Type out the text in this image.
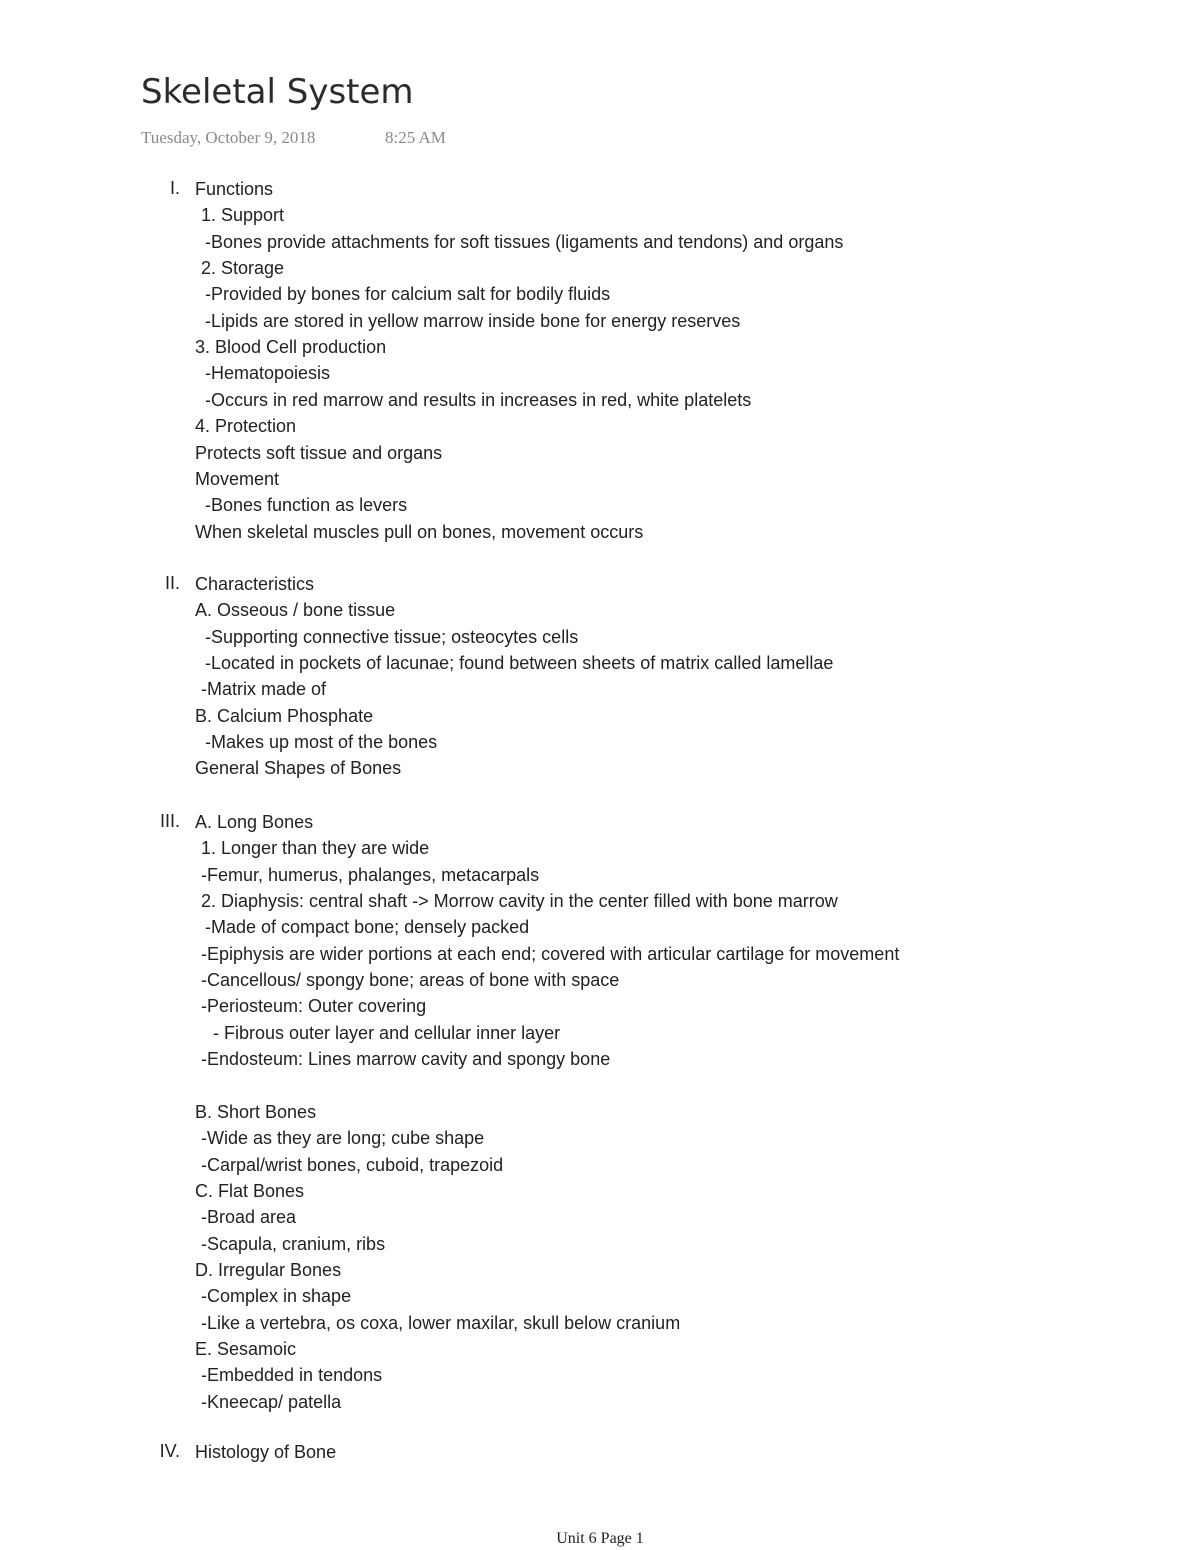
Skeletal System
Tuesday, October 9, 2018	8:25 AM
I. Functions
1. Support
-Bones provide attachments for soft tissues (ligaments and tendons) and organs
2. Storage
-Provided by bones for calcium salt for bodily fluids
-Lipids are stored in yellow marrow inside bone for energy reserves
3. Blood Cell production
-Hematopoiesis
-Occurs in red marrow and results in increases in red, white platelets
4. Protection
Protects soft tissue and organs
Movement
-Bones function as levers
When skeletal muscles pull on bones, movement occurs
II. Characteristics
A. Osseous / bone tissue
-Supporting connective tissue; osteocytes cells
-Located in pockets of lacunae; found between sheets of matrix called lamellae
-Matrix made of
B. Calcium Phosphate
-Makes up most of the bones
General Shapes of Bones
III. A. Long Bones
1. Longer than they are wide
-Femur, humerus, phalanges, metacarpals
2. Diaphysis: central shaft -> Morrow cavity in the center filled with bone marrow
-Made of compact bone; densely packed
-Epiphysis are wider portions at each end; covered with articular cartilage for movement
-Cancellous/ spongy bone; areas of bone with space
-Periosteum: Outer covering
- Fibrous outer layer and cellular inner layer
-Endosteum: Lines marrow cavity and spongy bone
B. Short Bones
-Wide as they are long; cube shape
-Carpal/wrist bones, cuboid, trapezoid
C. Flat Bones
-Broad area
-Scapula, cranium, ribs
D. Irregular Bones
-Complex in shape
-Like a vertebra, os coxa, lower maxilar, skull below cranium
E. Sesamoic
-Embedded in tendons
-Kneecap/ patella
IV. Histology of Bone
Unit 6 Page 1
